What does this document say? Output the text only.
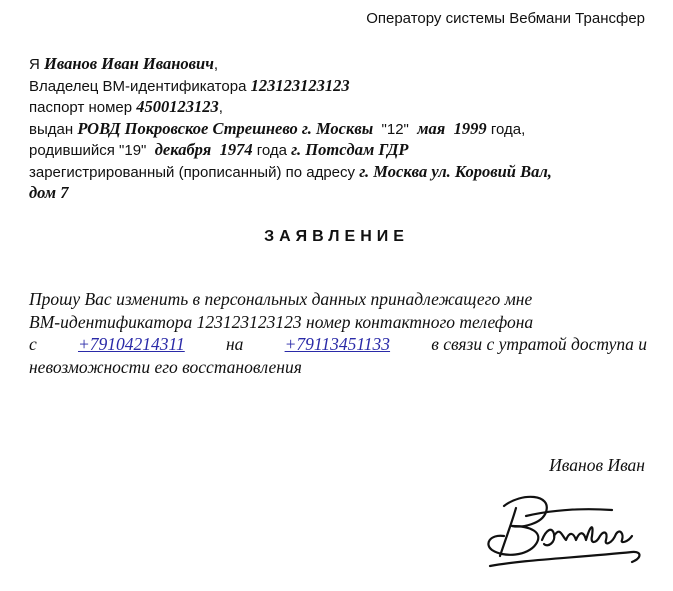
Оператору системы Вебмани Трансфер
Я Иванов Иван Иванович,
Владелец ВМ-идентификатора 123123123123
паспорт номер 4500123123,
выдан РОВД Покровское Стрешнево г. Москвы "12" мая 1999 года,
родившийся "19" декабря 1974 года г. Потсдам ГДР
зарегистрированный (прописанный) по адресу г. Москва ул. Коровий Вал,
дом 7
ЗАЯВЛЕНИЕ
Прошу Вас изменить в персональных данных принадлежащего мне
ВМ-идентификатора 123123123123 номер контактного телефона
с +79104214311 на +79113451133 в связи с утратой доступа и
невозможности его восстановления
Иванов Иван
